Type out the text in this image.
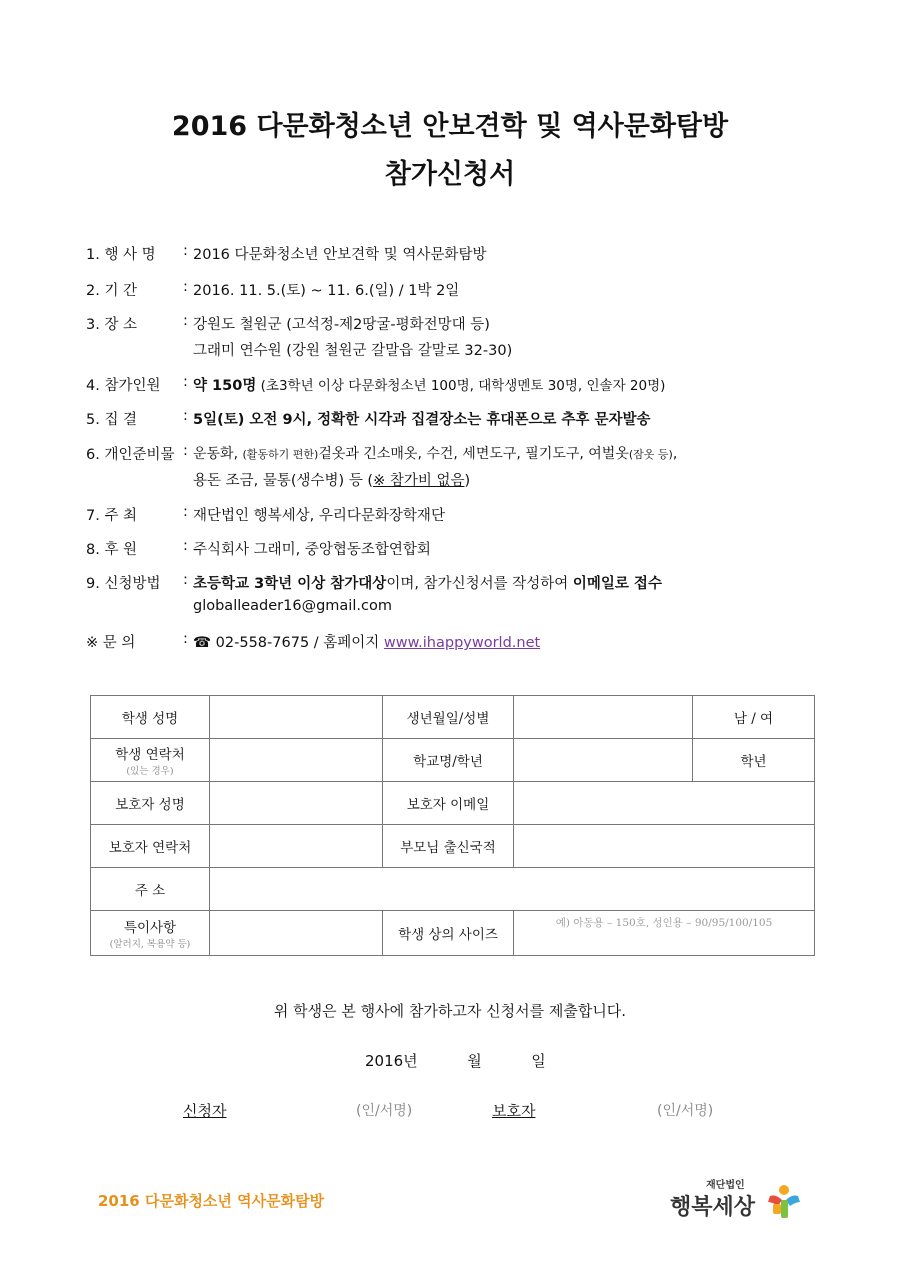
2016 다문화청소년 안보견학 및 역사문화탐방
참가신청서
1. 행 사 명 : 2016 다문화청소년 안보견학 및 역사문화탐방
2. 기 간	: 2016. 11. 5.(토) ~ 11. 6.(일) / 1박 2일
3. 장 소	: 강원도 철원군 (고석정-제2땅굴-평화전망대 등)
그래미 연수원 (강원 철원군 갈말읍 갈말로 32-30)
4. 참가인원 : 약 150명 (초3학년 이상 다문화청소년 100명, 대학생멘토 30명, 인솔자 20명)
5. 집 결	: 5일(토) 오전 9시, 정확한 시각과 집결장소는 휴대폰으로 추후 문자발송
6. 개인준비물 : 운동화, (활동하기 편한)겉옷과 긴소매옷, 수건, 세면도구, 필기도구, 여벌옷(잠옷 등),
용돈 조금, 물통(생수병) 등 (※ 참가비 없음)
7. 주 최	: 재단법인 행복세상, 우리다문화장학재단
8. 후 원	: 주식회사 그래미, 중앙협동조합연합회
9. 신청방법 : 초등학교 3학년 이상 참가대상이며, 참가신청서를 작성하여 이메일로 접수
globalleader16@gmail.com
※ 문 의	: ☎ 02-558-7675 / 홈페이지 www.ihappyworld.net
학생 성명		생년월일/성별		남 / 여

학생 연락처
(있는 경우)		학교명/학년		학년
보호자 성명		보호자 이메일		
보호자 연락처		부모님 출신국적		
주 소				

특이사항
(알러지, 복용약 등)		학생 상의 사이즈	예) 아동용 – 150호, 성인용 – 90/95/100/105	
위 학생은 본 행사에 참가하고자 신청서를 제출합니다.
2016년	월	일
신청자	(인/서명)	보호자	(인/서명)
2016 다문화청소년 역사문화탐방
재단법인
행복세상
